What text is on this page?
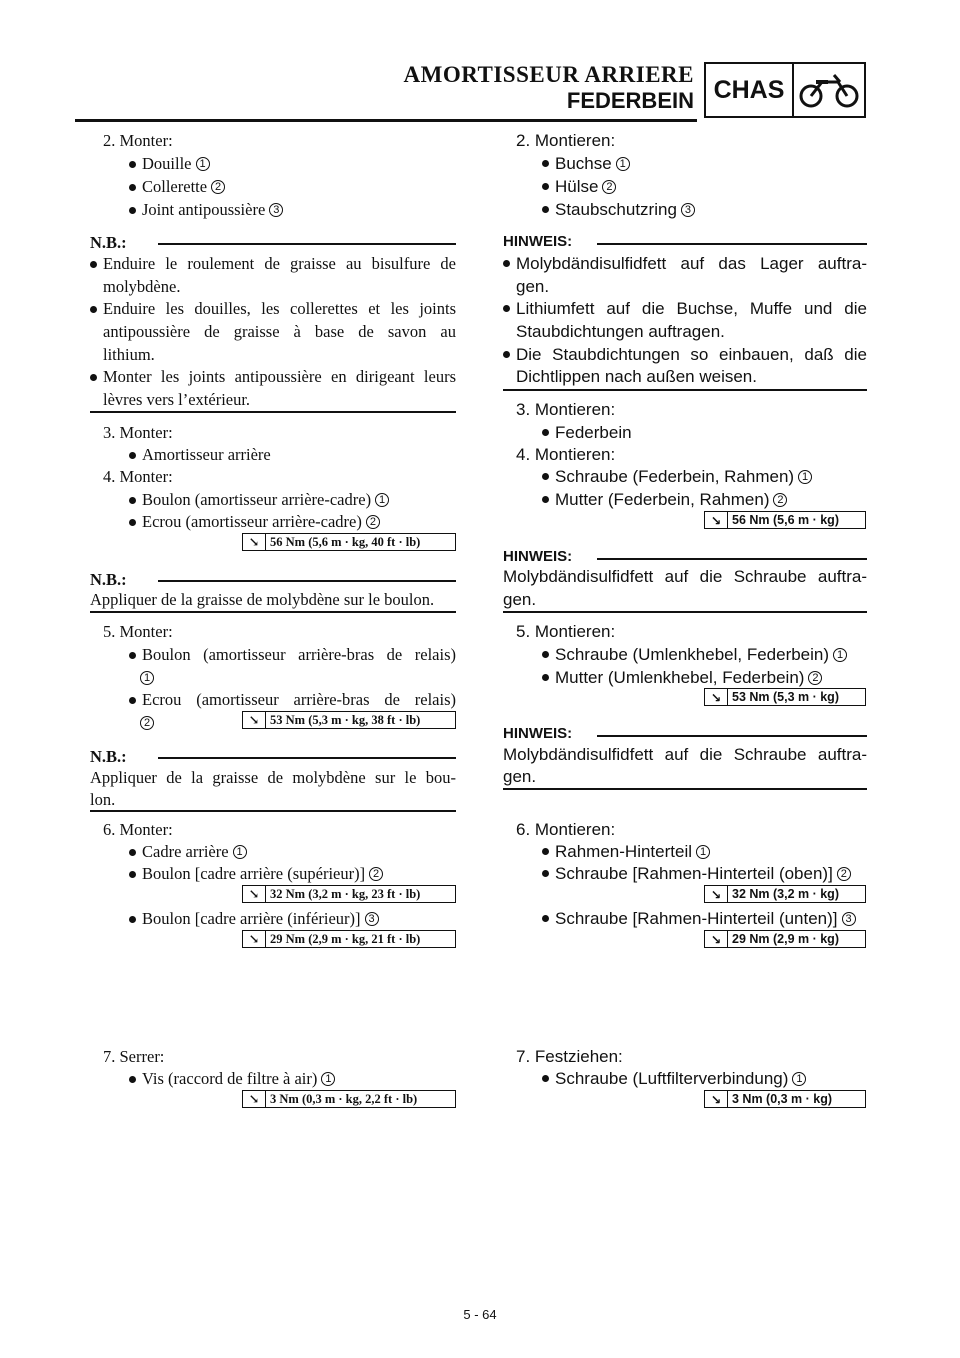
AMORTISSEUR ARRIERE
FEDERBEIN CHAS
2. Monter:
Douille 1
Collerette 2
Joint antipoussière 3
N.B.:
Enduire le roulement de graisse au bisulfure de
molybdène.
Enduire les douilles, les collerettes et les joints
antipoussière de graisse à base de savon au
lithium.
Monter les joints antipoussière en dirigeant leurs
lèvres vers l’extérieur.
3. Monter:
Amortisseur arrière
4. Monter:
Boulon (amortisseur arrière-cadre) 1
Ecrou (amortisseur arrière-cadre) 2
↘ 56 Nm (5,6 m · kg, 40 ft · lb)
N.B.:
Appliquer de la graisse de molybdène sur le boulon.
5. Monter:
Boulon (amortisseur arrière-bras de relais)
1
Ecrou (amortisseur arrière-bras de relais)
2	↘ 53 Nm (5,3 m · kg, 38 ft · lb)
N.B.:
Appliquer de la graisse de molybdène sur le bou-
lon.
6. Monter:
Cadre arrière 1
Boulon [cadre arrière (supérieur)] 2
↘ 32 Nm (3,2 m · kg, 23 ft · lb)
Boulon [cadre arrière (inférieur)] 3
↘ 29 Nm (2,9 m · kg, 21 ft · lb)
7. Serrer:
Vis (raccord de filtre à air) 1
↘ 3 Nm (0,3 m · kg, 2,2 ft · lb)
2. Montieren:
Buchse 1
Hülse 2
Staubschutzring 3
HINWEIS:
Molybdändisulfidfett auf das Lager auftra-
gen.
Lithiumfett auf die Buchse, Muffe und die
Staubdichtungen auftragen.
Die Staubdichtungen so einbauen, daß die
Dichtlippen nach außen weisen.
3. Montieren:
Federbein
4. Montieren:
Schraube (Federbein, Rahmen) 1
Mutter (Federbein, Rahmen) 2
↘ 56 Nm (5,6 m · kg)
HINWEIS:
Molybdändisulfidfett auf die Schraube auftra-
gen.
5. Montieren:
Schraube (Umlenkhebel, Federbein) 1
Mutter (Umlenkhebel, Federbein) 2
↘ 53 Nm (5,3 m · kg)
HINWEIS:
Molybdändisulfidfett auf die Schraube auftra-
gen.
6. Montieren:
Rahmen-Hinterteil 1
Schraube [Rahmen-Hinterteil (oben)] 2
↘ 32 Nm (3,2 m · kg)
Schraube [Rahmen-Hinterteil (unten)] 3
↘ 29 Nm (2,9 m · kg)
7. Festziehen:
Schraube (Luftfilterverbindung) 1
↘ 3 Nm (0,3 m · kg)
5 - 64
